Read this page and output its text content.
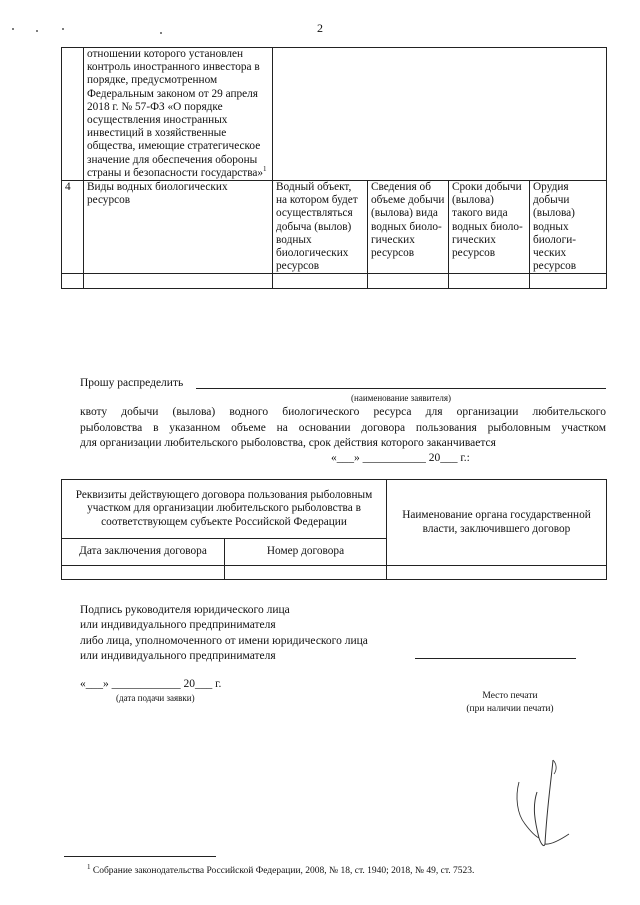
2
	отношении которого установлен контроль иностранного инвестора в порядке, предусмотренном Федеральным законом от 29 апреля 2018 г. № 57-ФЗ «О порядке осуществления иностранных инвестиций в хозяйственные общества, имеющие стратегическое значение для обеспечения обороны страны и безопасности государства»$^1$	
4	Виды водных биологических ресурсов	Водный объект, на котором будет осуществляться добыча (вылов) водных биологических ресурсов	Сведения об объеме добычи (вылова) вида водных биоло-гических ресурсов	Сроки добычи (вылова) такого вида водных биоло-гических ресурсов	Орудия добычи (вылова) водных биологи-ческих ресурсов

Прошу распределить
(наименование заявителя)

квоту добычи (вылова) водного биологического ресурса для организации любительского

рыболовства в указанном объеме на основании договора пользования рыболовным участком

для организации любительского рыболовства, срок действия которого заканчивается

«___» ___________ 20___ г.:
Реквизиты действующего договора пользования рыболовным участком для организации любительского рыболовства в соответствующем субъекте Российской Федерации		Наименование органа государственной власти, заключившего договор
Дата заключения договора	Номер договора	

Подпись руководителя юридического лица
или индивидуального предпринимателя
либо лица, уполномоченного от имени юридического лица
или индивидуального предпринимателя
«___» ____________ 20___ г.
(дата подачи заявки)	Место печати
(при наличии печати)
$^1$ Собрание законодательства Российской Федерации, 2008, № 18, ст. 1940; 2018, № 49, ст. 7523.
